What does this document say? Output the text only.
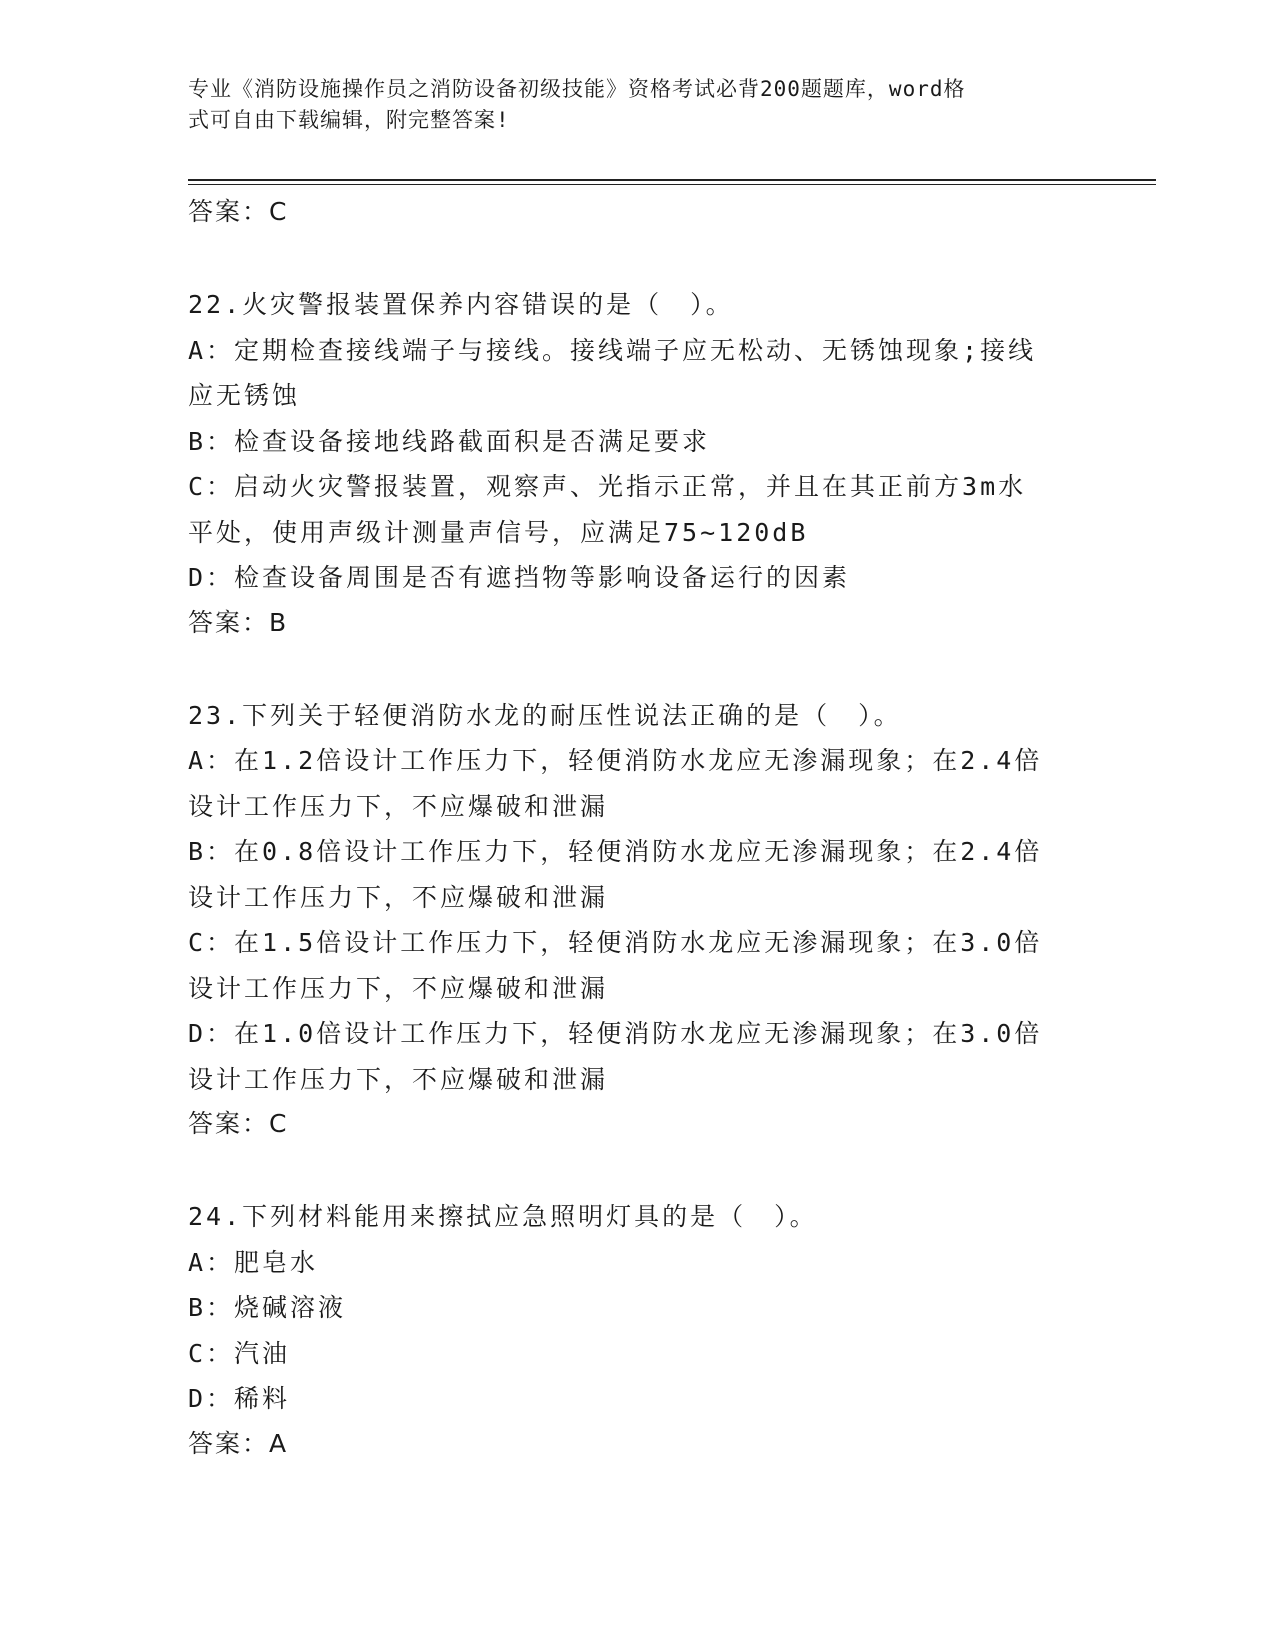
专业《消防设施操作员之消防设备初级技能》资格考试必背200题题库，word格
式可自由下载编辑，附完整答案!

答案：C

22.火灾警报装置保养内容错误的是（　）。

A：定期检查接线端子与接线。接线端子应无松动、无锈蚀现象;接线

应无锈蚀

B：检查设备接地线路截面积是否满足要求

C：启动火灾警报装置，观察声、光指示正常，并且在其正前方3m水

平处，使用声级计测量声信号，应满足75~120dB

D：检查设备周围是否有遮挡物等影响设备运行的因素

答案：B

23.下列关于轻便消防水龙的耐压性说法正确的是（　）。

A：在1.2倍设计工作压力下，轻便消防水龙应无渗漏现象；在2.4倍

设计工作压力下，不应爆破和泄漏

B：在0.8倍设计工作压力下，轻便消防水龙应无渗漏现象；在2.4倍

设计工作压力下，不应爆破和泄漏

C：在1.5倍设计工作压力下，轻便消防水龙应无渗漏现象；在3.0倍

设计工作压力下，不应爆破和泄漏

D：在1.0倍设计工作压力下，轻便消防水龙应无渗漏现象；在3.0倍

设计工作压力下，不应爆破和泄漏

答案：C

24.下列材料能用来擦拭应急照明灯具的是（　）。

A：肥皂水

B：烧碱溶液

C：汽油

D：稀料

答案：A
